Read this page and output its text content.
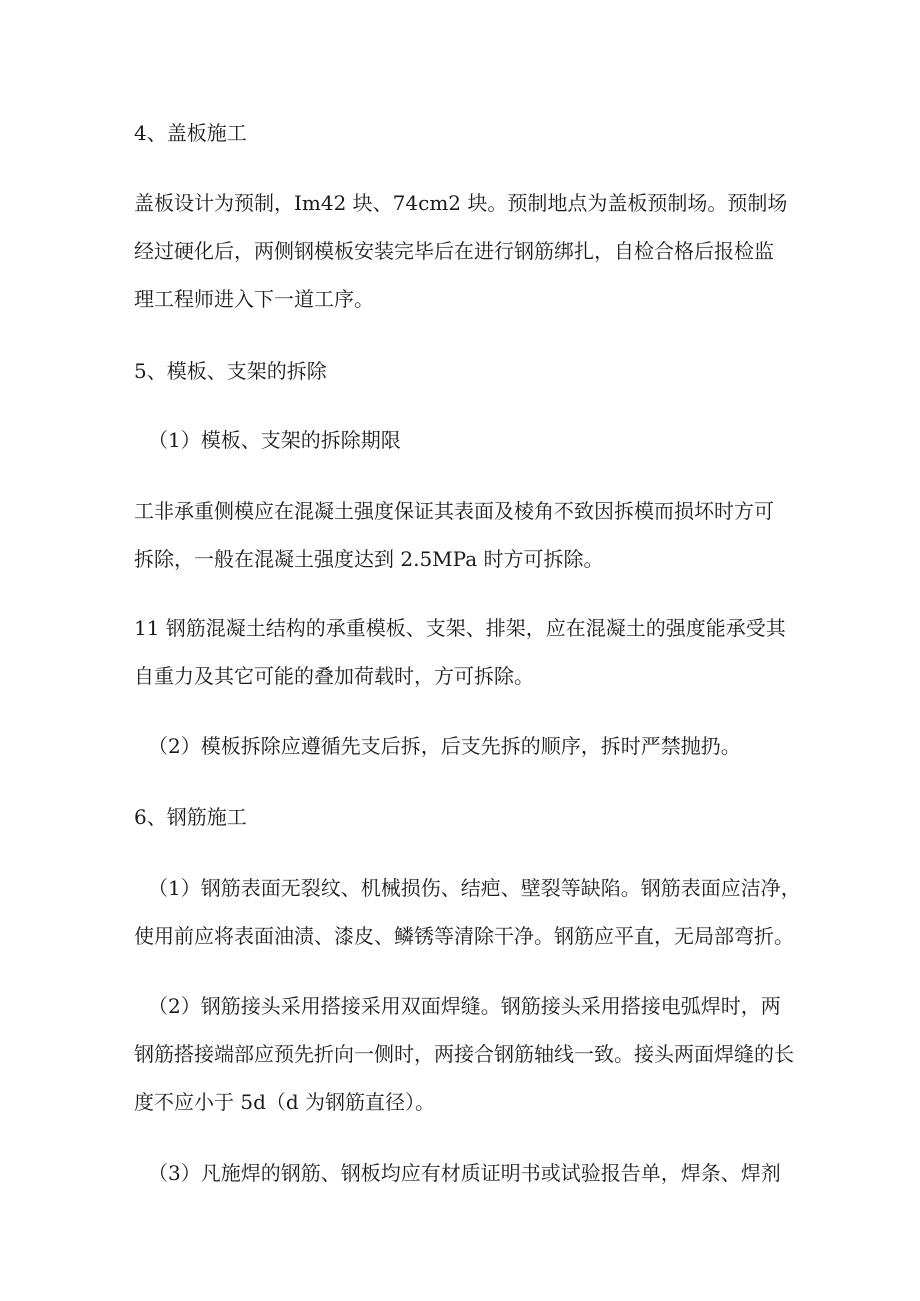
4、盖板施工

盖板设计为预制，Im42 块、74cm2 块。预制地点为盖板预制场。预制场
经过硬化后，两侧钢模板安装完毕后在进行钢筋绑扎，自检合格后报检监
理工程师进入下一道工序。

5、模板、支架的拆除

（1）模板、支架的拆除期限

工非承重侧模应在混凝土强度保证其表面及棱角不致因拆模而损坏时方可
拆除，一般在混凝土强度达到 2.5MPa 时方可拆除。

11 钢筋混凝土结构的承重模板、支架、排架，应在混凝土的强度能承受其
自重力及其它可能的叠加荷载时，方可拆除。

（2）模板拆除应遵循先支后拆，后支先拆的顺序，拆时严禁抛扔。

6、钢筋施工

（1）钢筋表面无裂纹、机械损伤、结疤、壁裂等缺陷。钢筋表面应洁净，
使用前应将表面油渍、漆皮、鳞锈等清除干净。钢筋应平直，无局部弯折。

（2）钢筋接头采用搭接采用双面焊缝。钢筋接头采用搭接电弧焊时，两
钢筋搭接端部应预先折向一侧时，两接合钢筋轴线一致。接头两面焊缝的长
度不应小于 5d（d 为钢筋直径）。

（3）凡施焊的钢筋、钢板均应有材质证明书或试验报告单，焊条、焊剂
